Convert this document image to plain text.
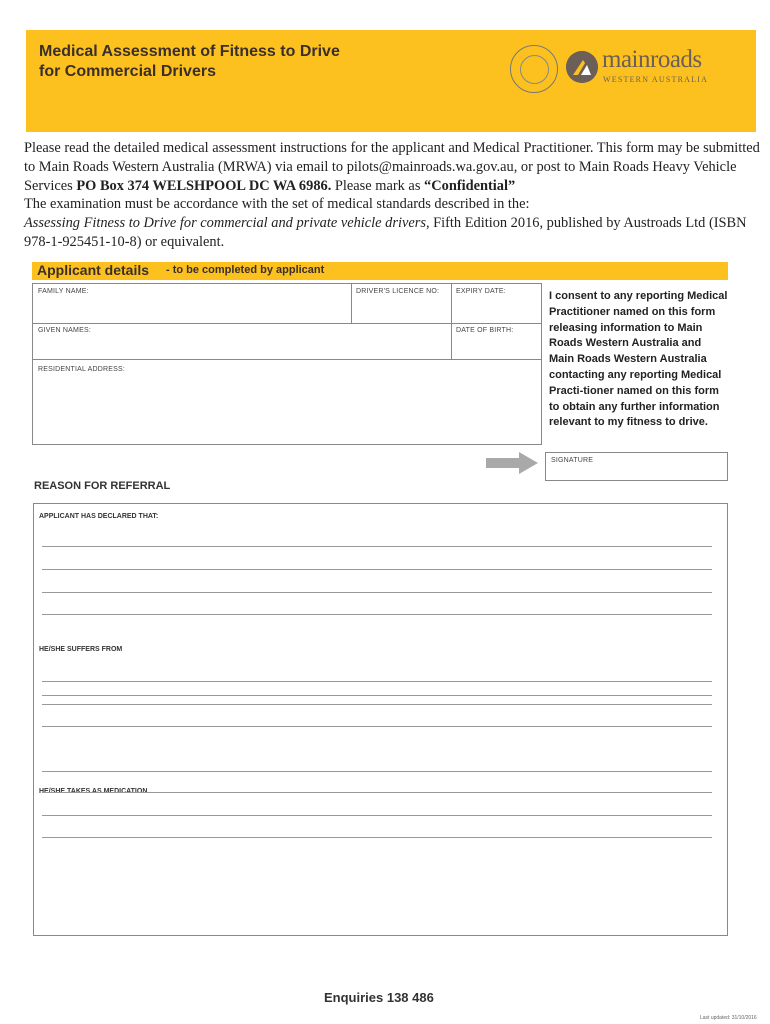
Medical Assessment of Fitness to Drive
for Commercial Drivers	mainroads
WESTERN AUSTRALIA
Please read the detailed medical assessment instructions for the applicant and Medical Practitioner. This form may be submitted to Main Roads Western Australia (MRWA) via email to pilots@mainroads.wa.gov.au, or post to Main Roads Heavy Vehicle Services PO Box 374 WELSHPOOL DC WA 6986. Please mark as “Confidential”
The examination must be accordance with the set of medical standards described in the:
Assessing Fitness to Drive for commercial and private vehicle drivers, Fifth Edition 2016, published by Austroads Ltd (ISBN 978-1-925451-10-8) or equivalent.
Applicant details - to be completed by applicant
FAMILY NAME:	DRIVER'S LICENCE NO: EXPIRY DATE:
GIVEN NAMES:	DATE OF BIRTH:
RESIDENTIAL ADDRESS:
I consent to any reporting Medical Practitioner named on this form releasing information to Main Roads Western Australia and Main Roads Western Australia contacting any reporting Medical Practi-tioner named on this form to obtain any further information relevant to my fitness to drive.
SIGNATURE
REASON FOR REFERRAL
APPLICANT HAS DECLARED THAT:
HE/SHE SUFFERS FROM
HE/SHE TAKES AS MEDICATION
Enquiries 138 486
Last updated: 31/10/2016
